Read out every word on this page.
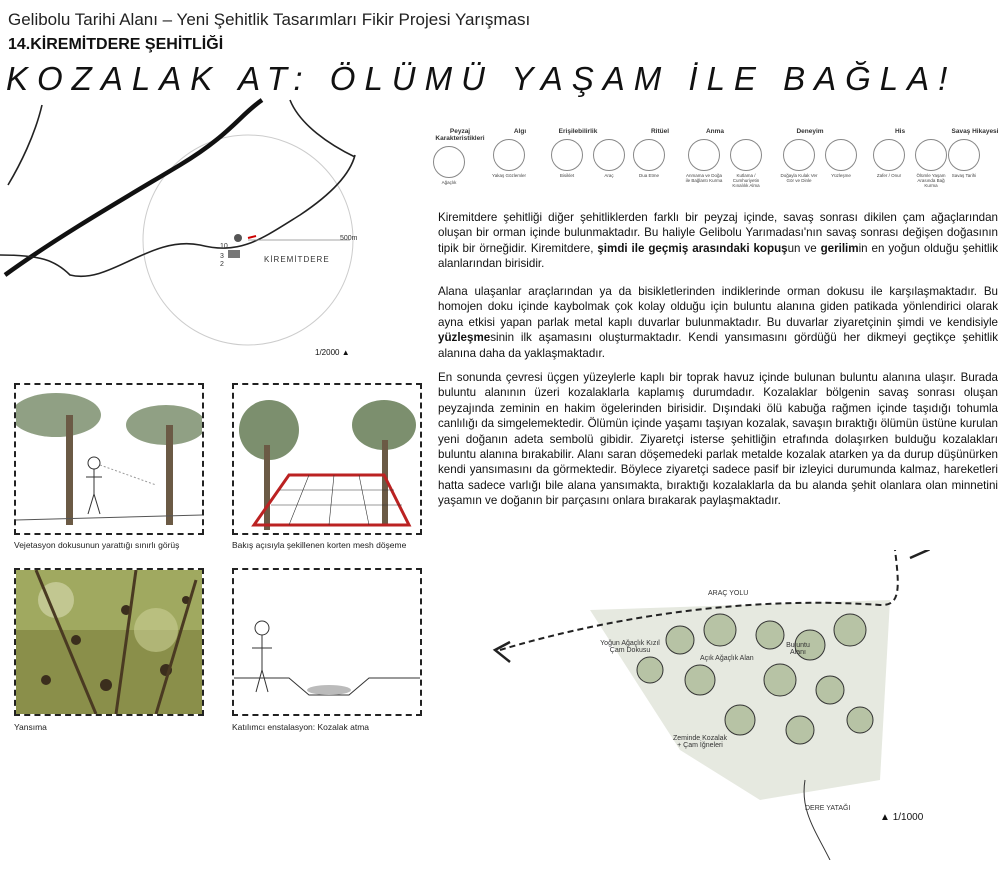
Gelibolu Tarihi Alanı – Yeni Şehitlik Tasarımları Fikir Projesi Yarışması
14.KİREMİTDERE ŞEHİTLİĞİ
KOZALAK AT: ÖLÜMÜ YAŞAM İLE BAĞLA!
10
3
2
500m
KİREMİTDERE
1/2000 ▲
Peyzaj Karakteristikleri
Ağaçlık
Algı
Yakaş Gözlemler
Erişilebilirlik
Bisiklet	Araç
Ritüel
Dua Etme
Anma
Anmama ve Doğa ile Bağlantı Kurma
Kutlama / Cumhuriyetin Kınalılık Alma
Deneyim
Doğayla Kulak Ver Gör ve Dinle
Yüzleşme
His
Zafer / Onur	Ölümle Yaşam Arasında Bağ Kurma
Savaş Hikayesi
Savaş Tarihi
Kiremitdere şehitliği diğer şehitliklerden farklı bir peyzaj içinde, savaş sonrası dikilen çam ağaçlarından oluşan bir orman içinde bulunmaktadır. Bu haliyle Gelibolu Yarımadası'nın savaş sonrası değişen doğasının tipik bir örneğidir. Kiremitdere, şimdi ile geçmiş arasındaki kopuşun ve gerilimin en yoğun olduğu şehitlik alanlarından birisidir.
Alana ulaşanlar araçlarından ya da bisikletlerinden indiklerinde orman dokusu ile karşılaşmaktadır. Bu homojen doku içinde kaybolmak çok kolay olduğu için buluntu alanına giden patikada yönlendirici olarak ayna etkisi yapan parlak metal kaplı duvarlar bulunmaktadır. Bu duvarlar ziyaretçinin şimdi ve kendisiyle yüzleşmesinin ilk aşamasını oluşturmaktadır. Kendi yansımasını gördüğü her dikmeyi geçtikçe şehitlik alanına daha da yaklaşmaktadır.
En sonunda çevresi üçgen yüzeylerle kaplı bir toprak havuz içinde bulunan buluntu alanına ulaşır. Burada buluntu alanının üzeri kozalaklarla kaplamış durumdadır. Kozalaklar bölgenin savaş sonrası oluşan peyzajında zeminin en hakim ögelerinden birisidir. Dışındaki ölü kabuğa rağmen içinde taşıdığı tohumla canlılığı da simgelemektedir. Ölümün içinde yaşamı taşıyan kozalak, savaşın bıraktığı ölümün üstüne kurulan yeni doğanın adeta sembolü gibidir. Ziyaretçi isterse şehitliğin etrafında dolaşırken bulduğu kozalakları buluntu alanına bırakabilir. Alanı saran döşemedeki parlak metalde kozalak atarken ya da durup düşünürken kendi yansımasını da görmektedir. Böylece ziyaretçi sadece pasif bir izleyici durumunda kalmaz, hareketleri hatta sadece varlığı bile alana yansımakta, bıraktığı kozalaklarla da bu alanda şehit olanlara olan minnetini yaşamın ve doğanın bir parçasını onlara bırakarak paylaşmaktadır.
Vejetasyon dokusunun yarattığı sınırlı görüş	Bakış açısıyla şekillenen korten mesh döşeme
Yansıma	Katılımcı enstalasyon: Kozalak atma
ARAÇ YOLU
Yoğun Ağaçlık Kızıl Çam Dokusu
Açık Ağaçlık Alan
Buluntu Alanı
Zeminde Kozalak + Çam İğneleri
DERE YATAĞI
▲ 1/1000
